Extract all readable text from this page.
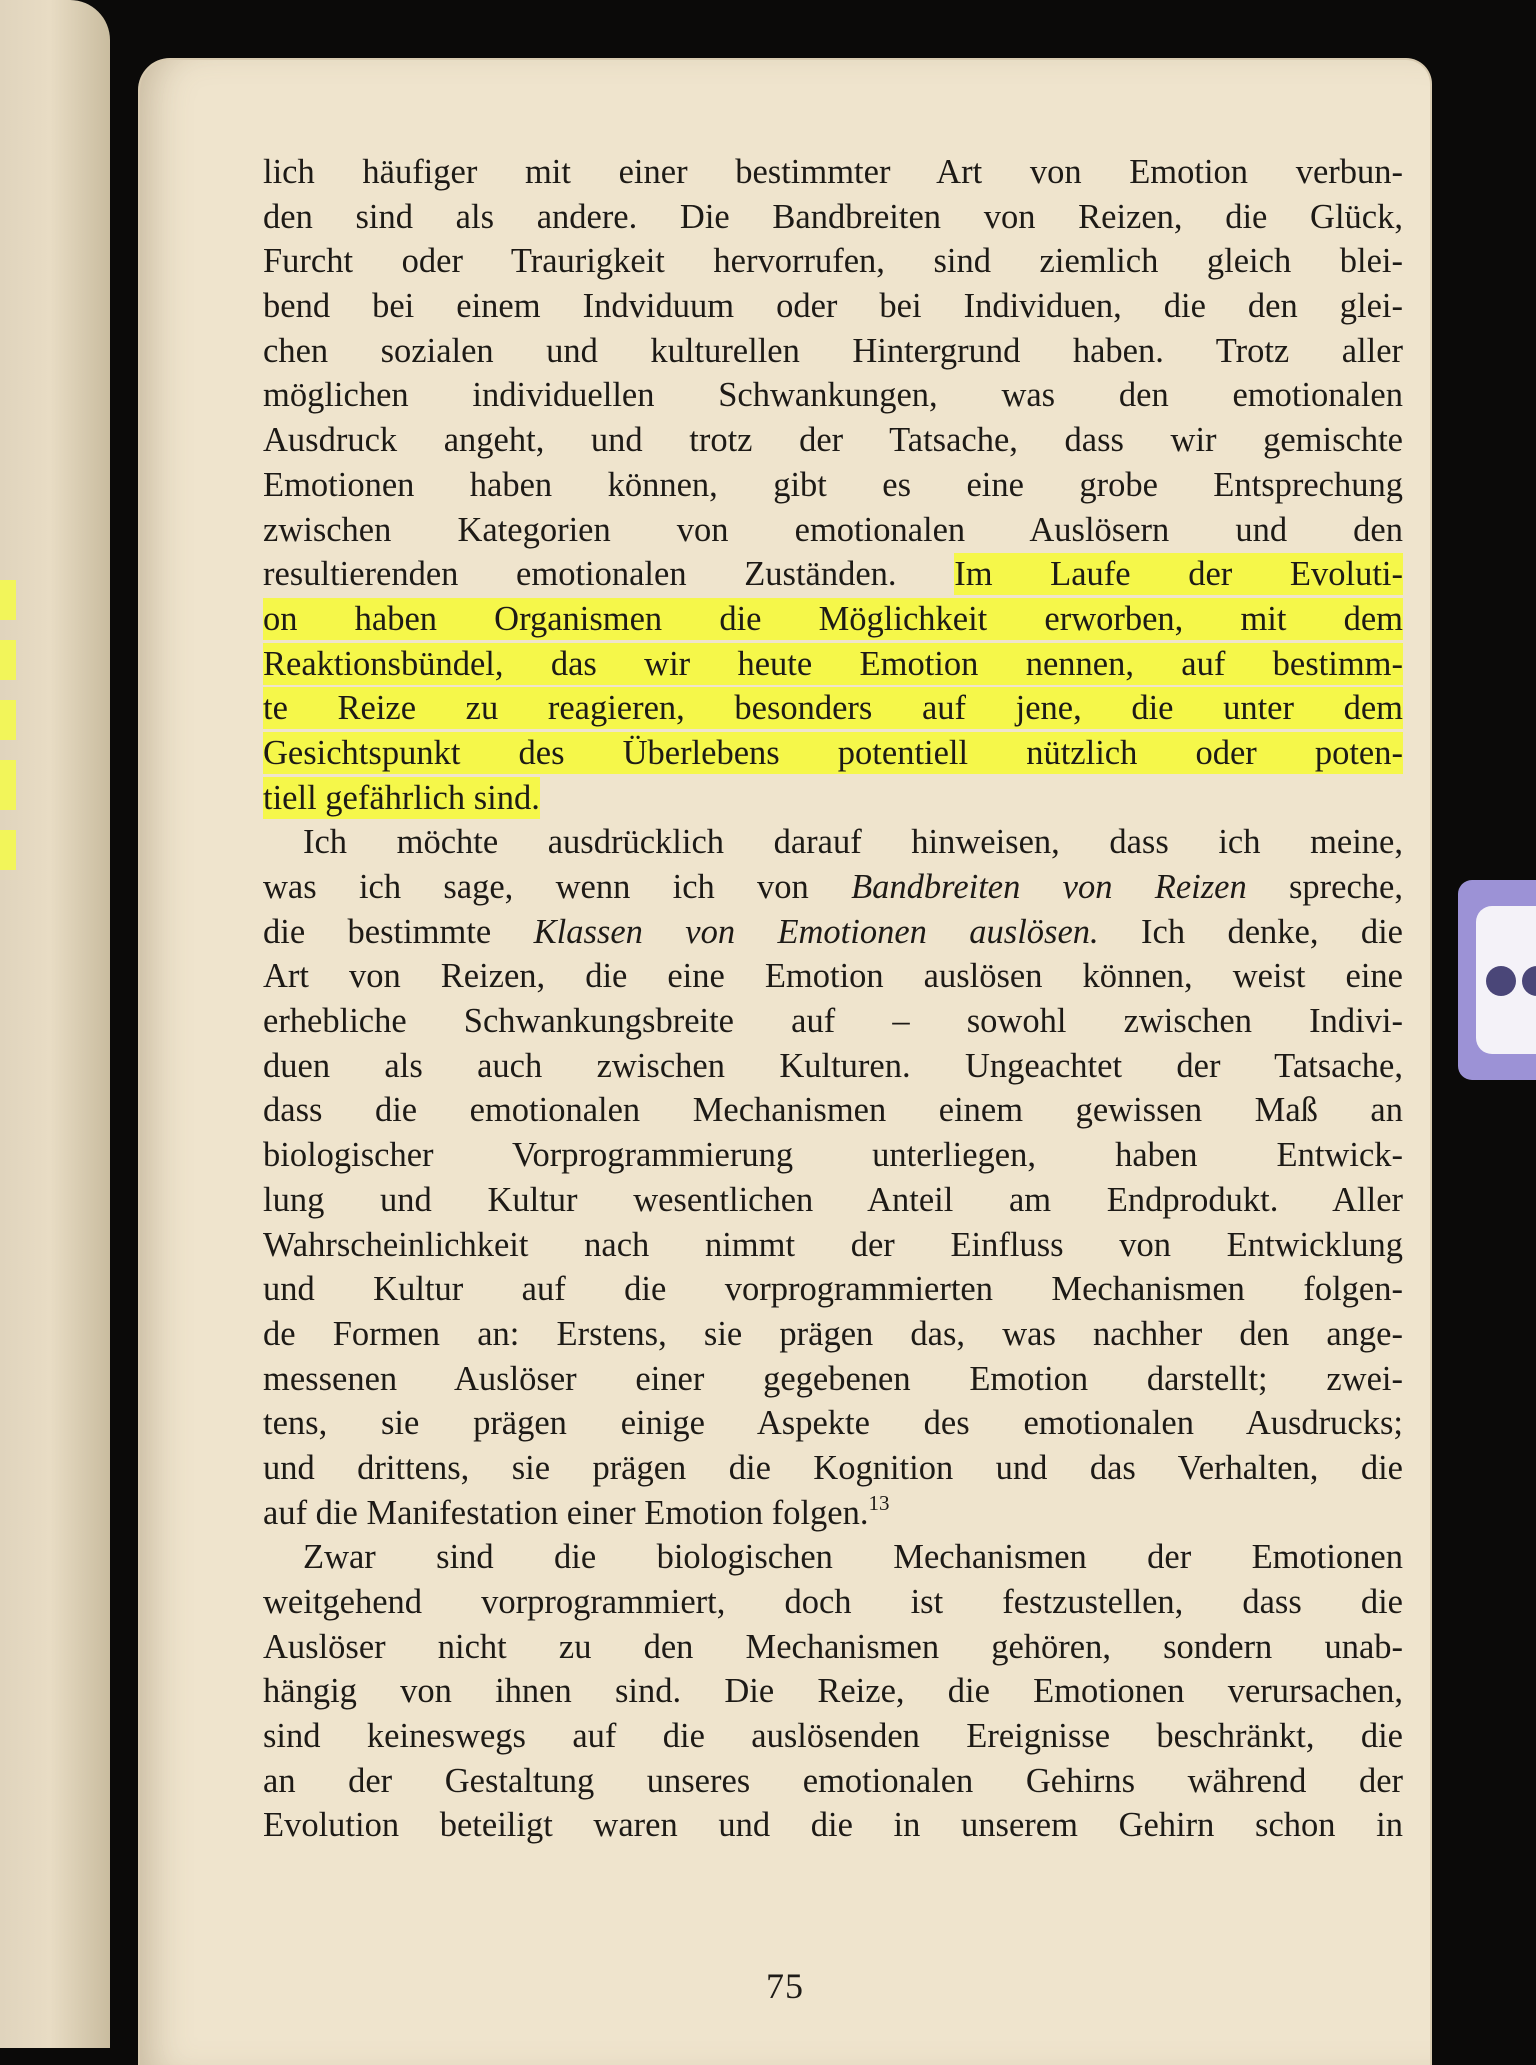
lich häufiger mit einer bestimmter Art von Emotion verbun-
den sind als andere. Die Bandbreiten von Reizen, die Glück,
Furcht oder Traurigkeit hervorrufen, sind ziemlich gleich blei-
bend bei einem Indviduum oder bei Individuen, die den glei-
chen sozialen und kulturellen Hintergrund haben. Trotz aller
möglichen individuellen Schwankungen, was den emotionalen
Ausdruck angeht, und trotz der Tatsache, dass wir gemischte
Emotionen haben können, gibt es eine grobe Entsprechung
zwischen Kategorien von emotionalen Auslösern und den
resultierenden emotionalen Zuständen. Im Laufe der Evoluti-
on haben Organismen die Möglichkeit erworben, mit dem
Reaktionsbündel, das wir heute Emotion nennen, auf bestimm-
te Reize zu reagieren, besonders auf jene, die unter dem
Gesichtspunkt des Überlebens potentiell nützlich oder poten-
tiell gefährlich sind.
Ich möchte ausdrücklich darauf hinweisen, dass ich meine,
was ich sage, wenn ich von Bandbreiten von Reizen spreche,
die bestimmte Klassen von Emotionen auslösen. Ich denke, die
Art von Reizen, die eine Emotion auslösen können, weist eine
erhebliche Schwankungsbreite auf – sowohl zwischen Indivi-
duen als auch zwischen Kulturen. Ungeachtet der Tatsache,
dass die emotionalen Mechanismen einem gewissen Maß an
biologischer Vorprogrammierung unterliegen, haben Entwick-
lung und Kultur wesentlichen Anteil am Endprodukt. Aller
Wahrscheinlichkeit nach nimmt der Einfluss von Entwicklung
und Kultur auf die vorprogrammierten Mechanismen folgen-
de Formen an: Erstens, sie prägen das, was nachher den ange-
messenen Auslöser einer gegebenen Emotion darstellt; zwei-
tens, sie prägen einige Aspekte des emotionalen Ausdrucks;
und drittens, sie prägen die Kognition und das Verhalten, die
auf die Manifestation einer Emotion folgen.$^{13}$
Zwar sind die biologischen Mechanismen der Emotionen
weitgehend vorprogrammiert, doch ist festzustellen, dass die
Auslöser nicht zu den Mechanismen gehören, sondern unab-
hängig von ihnen sind. Die Reize, die Emotionen verursachen,
sind keineswegs auf die auslösenden Ereignisse beschränkt, die
an der Gestaltung unseres emotionalen Gehirns während der
Evolution beteiligt waren und die in unserem Gehirn schon in
75
